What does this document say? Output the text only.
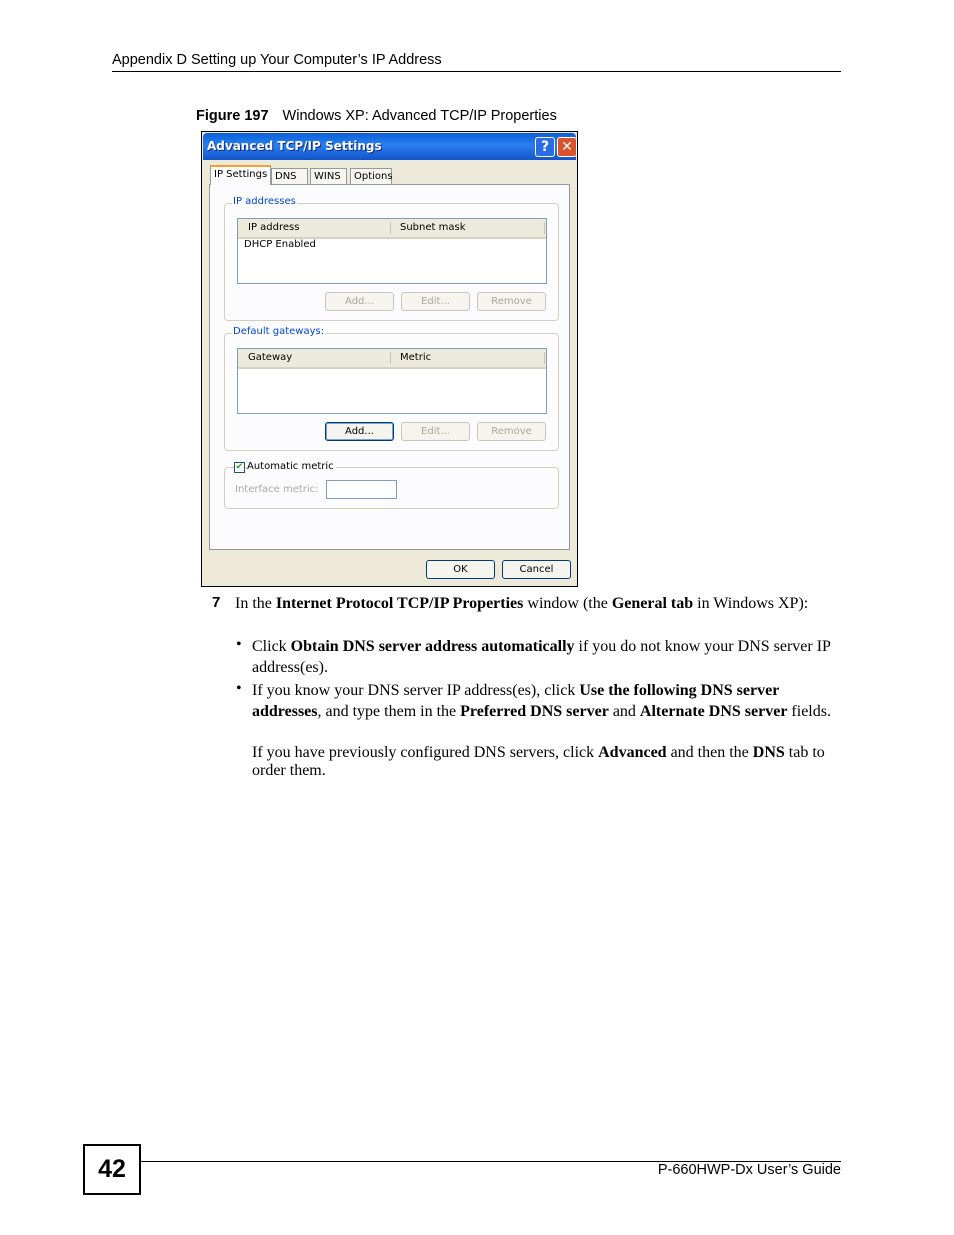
Appendix D Setting up Your Computer’s IP Address
Figure 197 Windows XP: Advanced TCP/IP Properties
Advanced TCP/IP Settings	? ✕
IP Settings DNS	WINS	Options
IP addresses
IP address	Subnet mask
DHCP Enabled
Add...	Edit...	Remove
Default gateways:
Gateway	Metric
Add...	Edit...	Remove
✔ Automatic metric
Interface metric:
OK	Cancel
7 In the Internet Protocol TCP/IP Properties window (the General tab in Windows XP):
• Click Obtain DNS server address automatically if you do not know your DNS server IP address(es).
• If you know your DNS server IP address(es), click Use the following DNS server addresses, and type them in the Preferred DNS server and Alternate DNS server fields.
If you have previously configured DNS servers, click Advanced and then the DNS tab to order them.
42	P-660HWP-Dx User’s Guide
